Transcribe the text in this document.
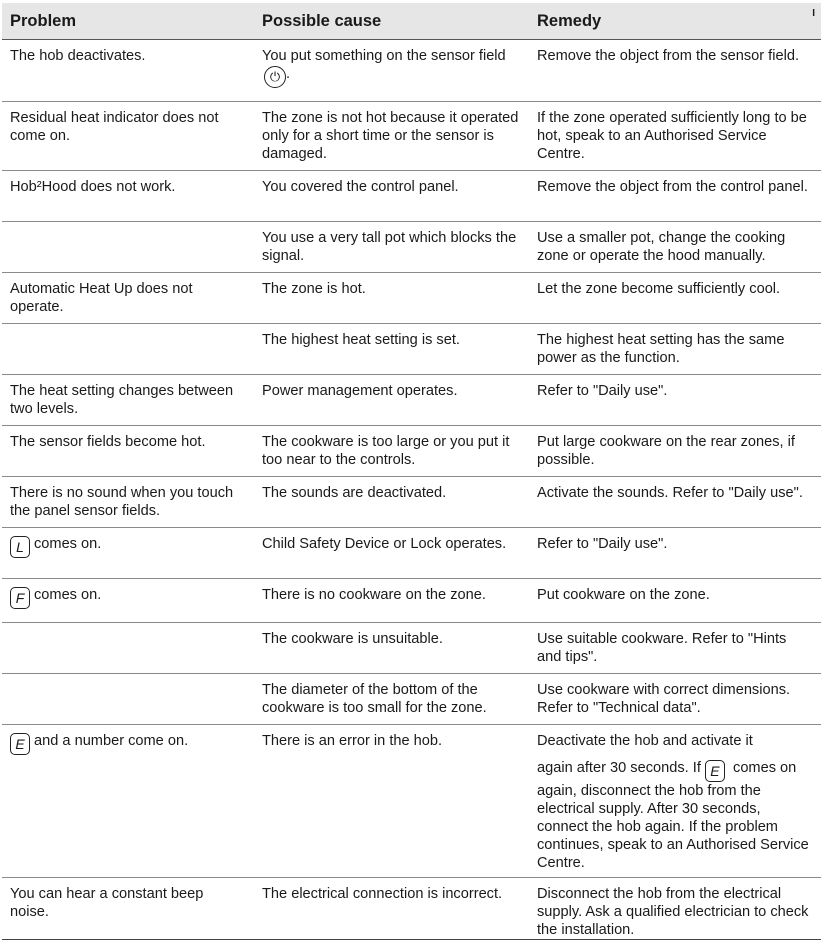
Problem	Possible cause	Remedy I

The hob deactivates.	You put something on the sensor field ⏻ .	Remove the object from the sensor field.
Residual heat indicator does not come on.	The zone is not hot because it operated only for a short time or the sensor is damaged.	If the zone operated sufficiently long to be hot, speak to an Authorised Service Centre.
Hob²Hood does not work.	You covered the control panel.	Remove the object from the control panel.
	You use a very tall pot which blocks the signal.	Use a smaller pot, change the cooking zone or operate the hood manually.
Automatic Heat Up does not operate.	The zone is hot.	Let the zone become sufficiently cool.
	The highest heat setting is set.	The highest heat setting has the same power as the function.
The heat setting changes between two levels.	Power management operates.	Refer to "Daily use".
The sensor fields become hot.	The cookware is too large or you put it too near to the controls.	Put large cookware on the rear zones, if possible.
There is no sound when you touch the panel sensor fields.	The sounds are deactivated.	Activate the sounds. Refer to "Daily use".
L comes on.	Child Safety Device or Lock operates.	Refer to "Daily use".
F comes on.	There is no cookware on the zone.	Put cookware on the zone.
	The cookware is unsuitable.	Use suitable cookware. Refer to "Hints and tips".
	The diameter of the bottom of the cookware is too small for the zone.	Use cookware with correct dimensions. Refer to "Technical data".
E and a number come on.	There is an error in the hob.	Deactivate the hob and activate it
again after 30 seconds. If E comes on again, disconnect the hob from the electrical supply. After 30 seconds, connect the hob again. If the problem continues, speak to an Authorised Service Centre.
You can hear a constant beep noise.	The electrical connection is incorrect.	Disconnect the hob from the electrical supply. Ask a qualified electrician to check the installation.
